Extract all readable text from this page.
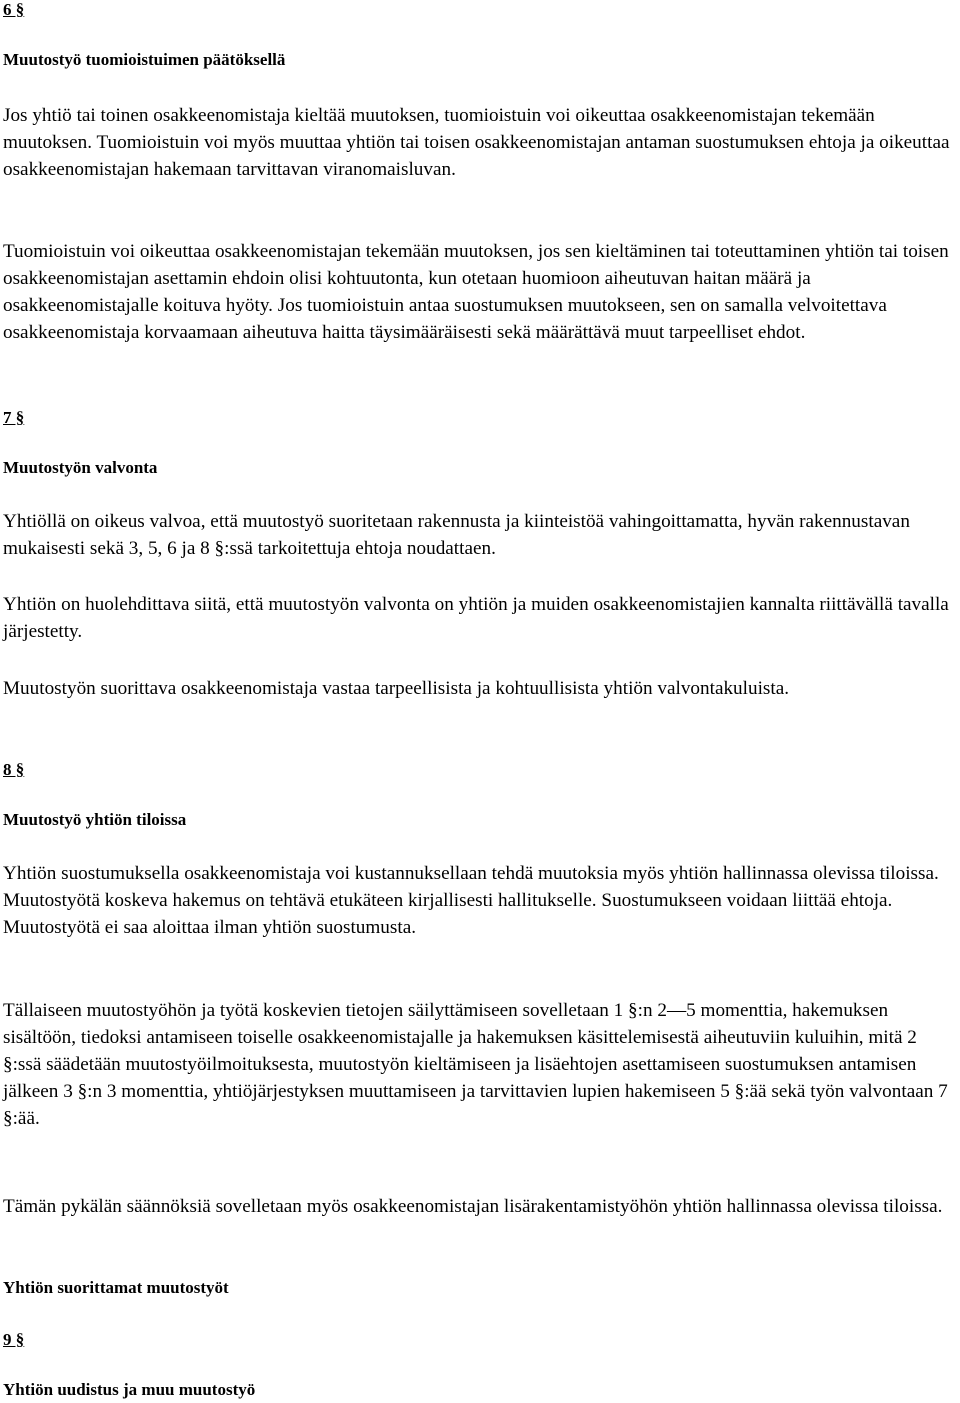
6 §
Muutostyö tuomioistuimen päätöksellä

Jos yhtiö tai toinen osakkeenomistaja kieltää muutoksen, tuomioistuin voi oikeuttaa osakkeenomistajan tekemään muutoksen. Tuomioistuin voi myös muuttaa yhtiön tai toisen osakkeenomistajan antaman suostumuksen ehtoja ja oikeuttaa osakkeenomistajan hakemaan tarvittavan viranomaisluvan.

Tuomioistuin voi oikeuttaa osakkeenomistajan tekemään muutoksen, jos sen kieltäminen tai toteuttaminen yhtiön tai toisen osakkeenomistajan asettamin ehdoin olisi kohtuutonta, kun otetaan huomioon aiheutuvan haitan määrä ja osakkeenomistajalle koituva hyöty. Jos tuomioistuin antaa suostumuksen muutokseen, sen on samalla velvoitettava osakkeenomistaja korvaamaan aiheutuva haitta täysimääräisesti sekä määrättävä muut tarpeelliset ehdot.

7 §
Muutostyön valvonta

Yhtiöllä on oikeus valvoa, että muutostyö suoritetaan rakennusta ja kiinteistöä vahingoittamatta, hyvän rakennustavan mukaisesti sekä 3, 5, 6 ja 8 §:ssä tarkoitettuja ehtoja noudattaen.

Yhtiön on huolehdittava siitä, että muutostyön valvonta on yhtiön ja muiden osakkeenomistajien kannalta riittävällä tavalla järjestetty.

Muutostyön suorittava osakkeenomistaja vastaa tarpeellisista ja kohtuullisista yhtiön valvontakuluista.

8 §
Muutostyö yhtiön tiloissa

Yhtiön suostumuksella osakkeenomistaja voi kustannuksellaan tehdä muutoksia myös yhtiön hallinnassa olevissa tiloissa. Muutostyötä koskeva hakemus on tehtävä etukäteen kirjallisesti hallitukselle. Suostumukseen voidaan liittää ehtoja. Muutostyötä ei saa aloittaa ilman yhtiön suostumusta.

Tällaiseen muutostyöhön ja työtä koskevien tietojen säilyttämiseen sovelletaan 1 §:n 2—5 momenttia, hakemuksen sisältöön, tiedoksi antamiseen toiselle osakkeenomistajalle ja hakemuksen käsittelemisestä aiheutuviin kuluihin, mitä 2 §:ssä säädetään muutostyöilmoituksesta, muutostyön kieltämiseen ja lisäehtojen asettamiseen suostumuksen antamisen jälkeen 3 §:n 3 momenttia, yhtiöjärjestyksen muuttamiseen ja tarvittavien lupien hakemiseen 5 §:ää sekä työn valvontaan 7 §:ää.

Tämän pykälän säännöksiä sovelletaan myös osakkeenomistajan lisärakentamistyöhön yhtiön hallinnassa olevissa tiloissa.

Yhtiön suorittamat muutostyöt
9 §
Yhtiön uudistus ja muu muutostyö
